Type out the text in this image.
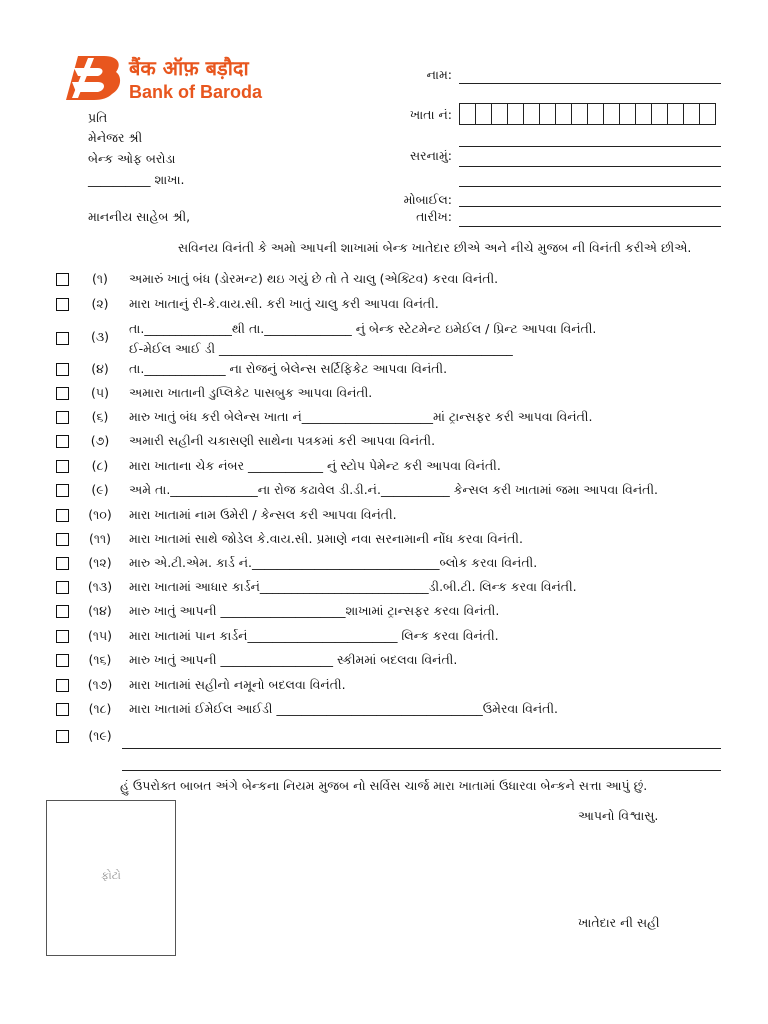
बैंक ऑफ़ बड़ौदा
Bank of Baroda
પ્રતિ
મેનેજર શ્રી
બેન્ક ઓફ બરોડા
__________ શાખા.
માનનીય સાહેબ શ્રી,
નામ:
ખાતા નં:
સરનામું:
મોબાઈલ:
તારીખ:
સવિનય વિનંતી કે અમો આપની શાખામાં બેન્ક ખાતેદાર છીએ અને નીચે મુજબ ની વિનંતી કરીએ છીએ.
(૧)	અમારું ખાતું બંધ (ડોરમન્ટ) થઇ ગયું છે તો તે ચાલુ (એક્ટિવ) કરવા વિનંતી.
(૨)	મારા ખાતાનું રી-કે.વાય.સી. કરી ખાતું ચાલુ કરી આપવા વિનંતી.
(૩)
તા.______________થી તા.______________ નું બેન્ક સ્ટેટમેન્ટ ઇમેઈલ / પ્રિન્ટ આપવા વિનંતી.
ઈ-મેઈલ આઈ ડી _______________________________________________
(૪)	તા._____________ ના રોજનું બેલેન્સ સર્ટિફિકેટ આપવા વિનંતી.
(૫)	અમારા ખાતાની ડુપ્લિકેટ પાસબુક આપવા વિનંતી.
(૬)	મારુ ખાતું બંધ કરી બેલેન્સ ખાતા નં_____________________માં ટ્રાન્સફર કરી આપવા વિનંતી.
(૭)	અમારી સહીની ચકાસણી સાથેના પત્રકમાં કરી આપવા વિનંતી.
(૮)	મારા ખાતાના ચેક નંબર ____________ નું સ્ટોપ પેમેન્ટ કરી આપવા વિનંતી.
(૯)	અમે તા.______________ના રોજ કઢાવેલ ડી.ડી.નં.___________ કેન્સલ કરી ખાતામાં જમા આપવા વિનંતી.
(૧૦)	મારા ખાતામાં નામ ઉમેરી / કેન્સલ કરી આપવા વિનંતી.
(૧૧)	મારા ખાતામાં સાથે જોડેલ કે.વાય.સી. પ્રમાણે નવા સરનામાની નોંધ કરવા વિનંતી.
(૧૨)	મારુ એ.ટી.એમ. કાર્ડ નં.______________________________બ્લોક કરવા વિનંતી.
(૧૩)	મારા ખાતામાં આધાર કાર્ડનં___________________________ડી.બી.ટી. લિન્ક કરવા વિનંતી.
(૧૪)	મારુ ખાતું આપની ____________________શાખામાં ટ્રાન્સફર કરવા વિનંતી.
(૧૫)	મારા ખાતામાં પાન કાર્ડનં________________________ લિન્ક કરવા વિનંતી.
(૧૬)	મારુ ખાતું આપની __________________ સ્કીમમાં બદલવા વિનંતી.
(૧૭)	મારા ખાતામાં સહીનો નમૂનો બદલવા વિનંતી.
(૧૮)	મારા ખાતામાં ઈમેઈલ આઈડી _________________________________ઉમેરવા વિનંતી.
(૧૯)
હું ઉપરોક્ત બાબત અંગે બેન્કના નિયમ મુજબ નો સર્વિસ ચાર્જ મારા ખાતામાં ઉધારવા બેન્કને સત્તા આપું છું.
આપનો વિશ્વાસુ.
ફોટો
ખાતેદાર ની સહી
